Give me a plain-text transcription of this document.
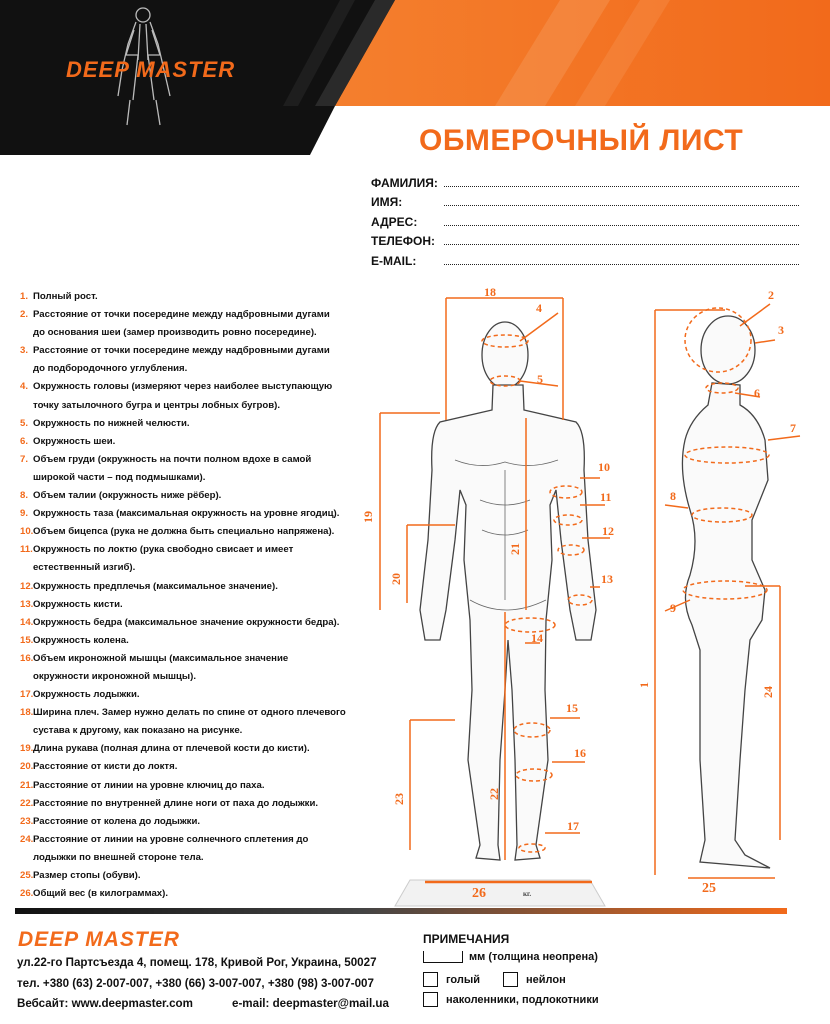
DEEP MASTER
ОБМЕРОЧНЫЙ ЛИСТ
ФАМИЛИЯ:
ИМЯ:
АДРЕС:
ТЕЛЕФОН:
E-MAIL:
1. Полный рост.
2. Расстояние от точки посередине между надбровными дугами
до основания шеи (замер производить ровно посередине).
3. Расстояние от точки посередине между надбровными дугами
до подбородочного углубления.
4. Окружность головы (измеряют через наиболее выступающую
точку затылочного бугра и центры лобных бугров).
5. Окружность по нижней челюсти.
6. Окружность шеи.
7. Объем груди (окружность на почти полном вдохе в самой
широкой части – под подмышками).
8. Объем талии (окружность ниже рёбер).
9. Окружность таза (максимальная окружность на уровне ягодиц).
10. Объем бицепса (рука не должна быть специально напряжена).
11. Окружность по локтю (рука свободно свисает и имеет
естественный изгиб).
12. Окружность предплечья (максимальное значение).
13. Окружность кисти.
14. Окружность бедра (максимальное значение окружности бедра).
15. Окружность колена.
16. Объем икроножной мышцы (максимальное значение
окружности икроножной мышцы).
17. Окружность лодыжки.
18. Ширина плеч. Замер нужно делать по спине от одного плечевого
сустава к другому, как показано на рисунке.
19. Длина рукава (полная длина от плечевой кости до кисти).
20. Расстояние от кисти до локтя.
21. Расстояние от линии на уровне ключиц до паха.
22. Расстояние по внутренней длине ноги от паха до лодыжки.
23. Расстояние от колена до лодыжки.
24. Расстояние от линии на уровне солнечного сплетения до
лодыжки по внешней стороне тела.
25. Размер стопы (обуви).
26. Общий вес (в килограммах).
18
4
5
19
20
21
10
11
12
13
14
15
16
17
22
23
26	кг.
2
3
6
7
8
9
1
24
25
DEEP MASTER
ул.22-го Партсъезда 4, помещ. 178, Кривой Рог, Украина, 50027
тел. +380 (63) 2-007-007, +380 (66) 3-007-007, +380 (98) 3-007-007
Вебсайт: www.deepmaster.com	e-mail: deepmaster@mail.ua
ПРИМЕЧАНИЯ
мм (толщина неопрена)
голый	нейлон
наколенники, подлокотники
